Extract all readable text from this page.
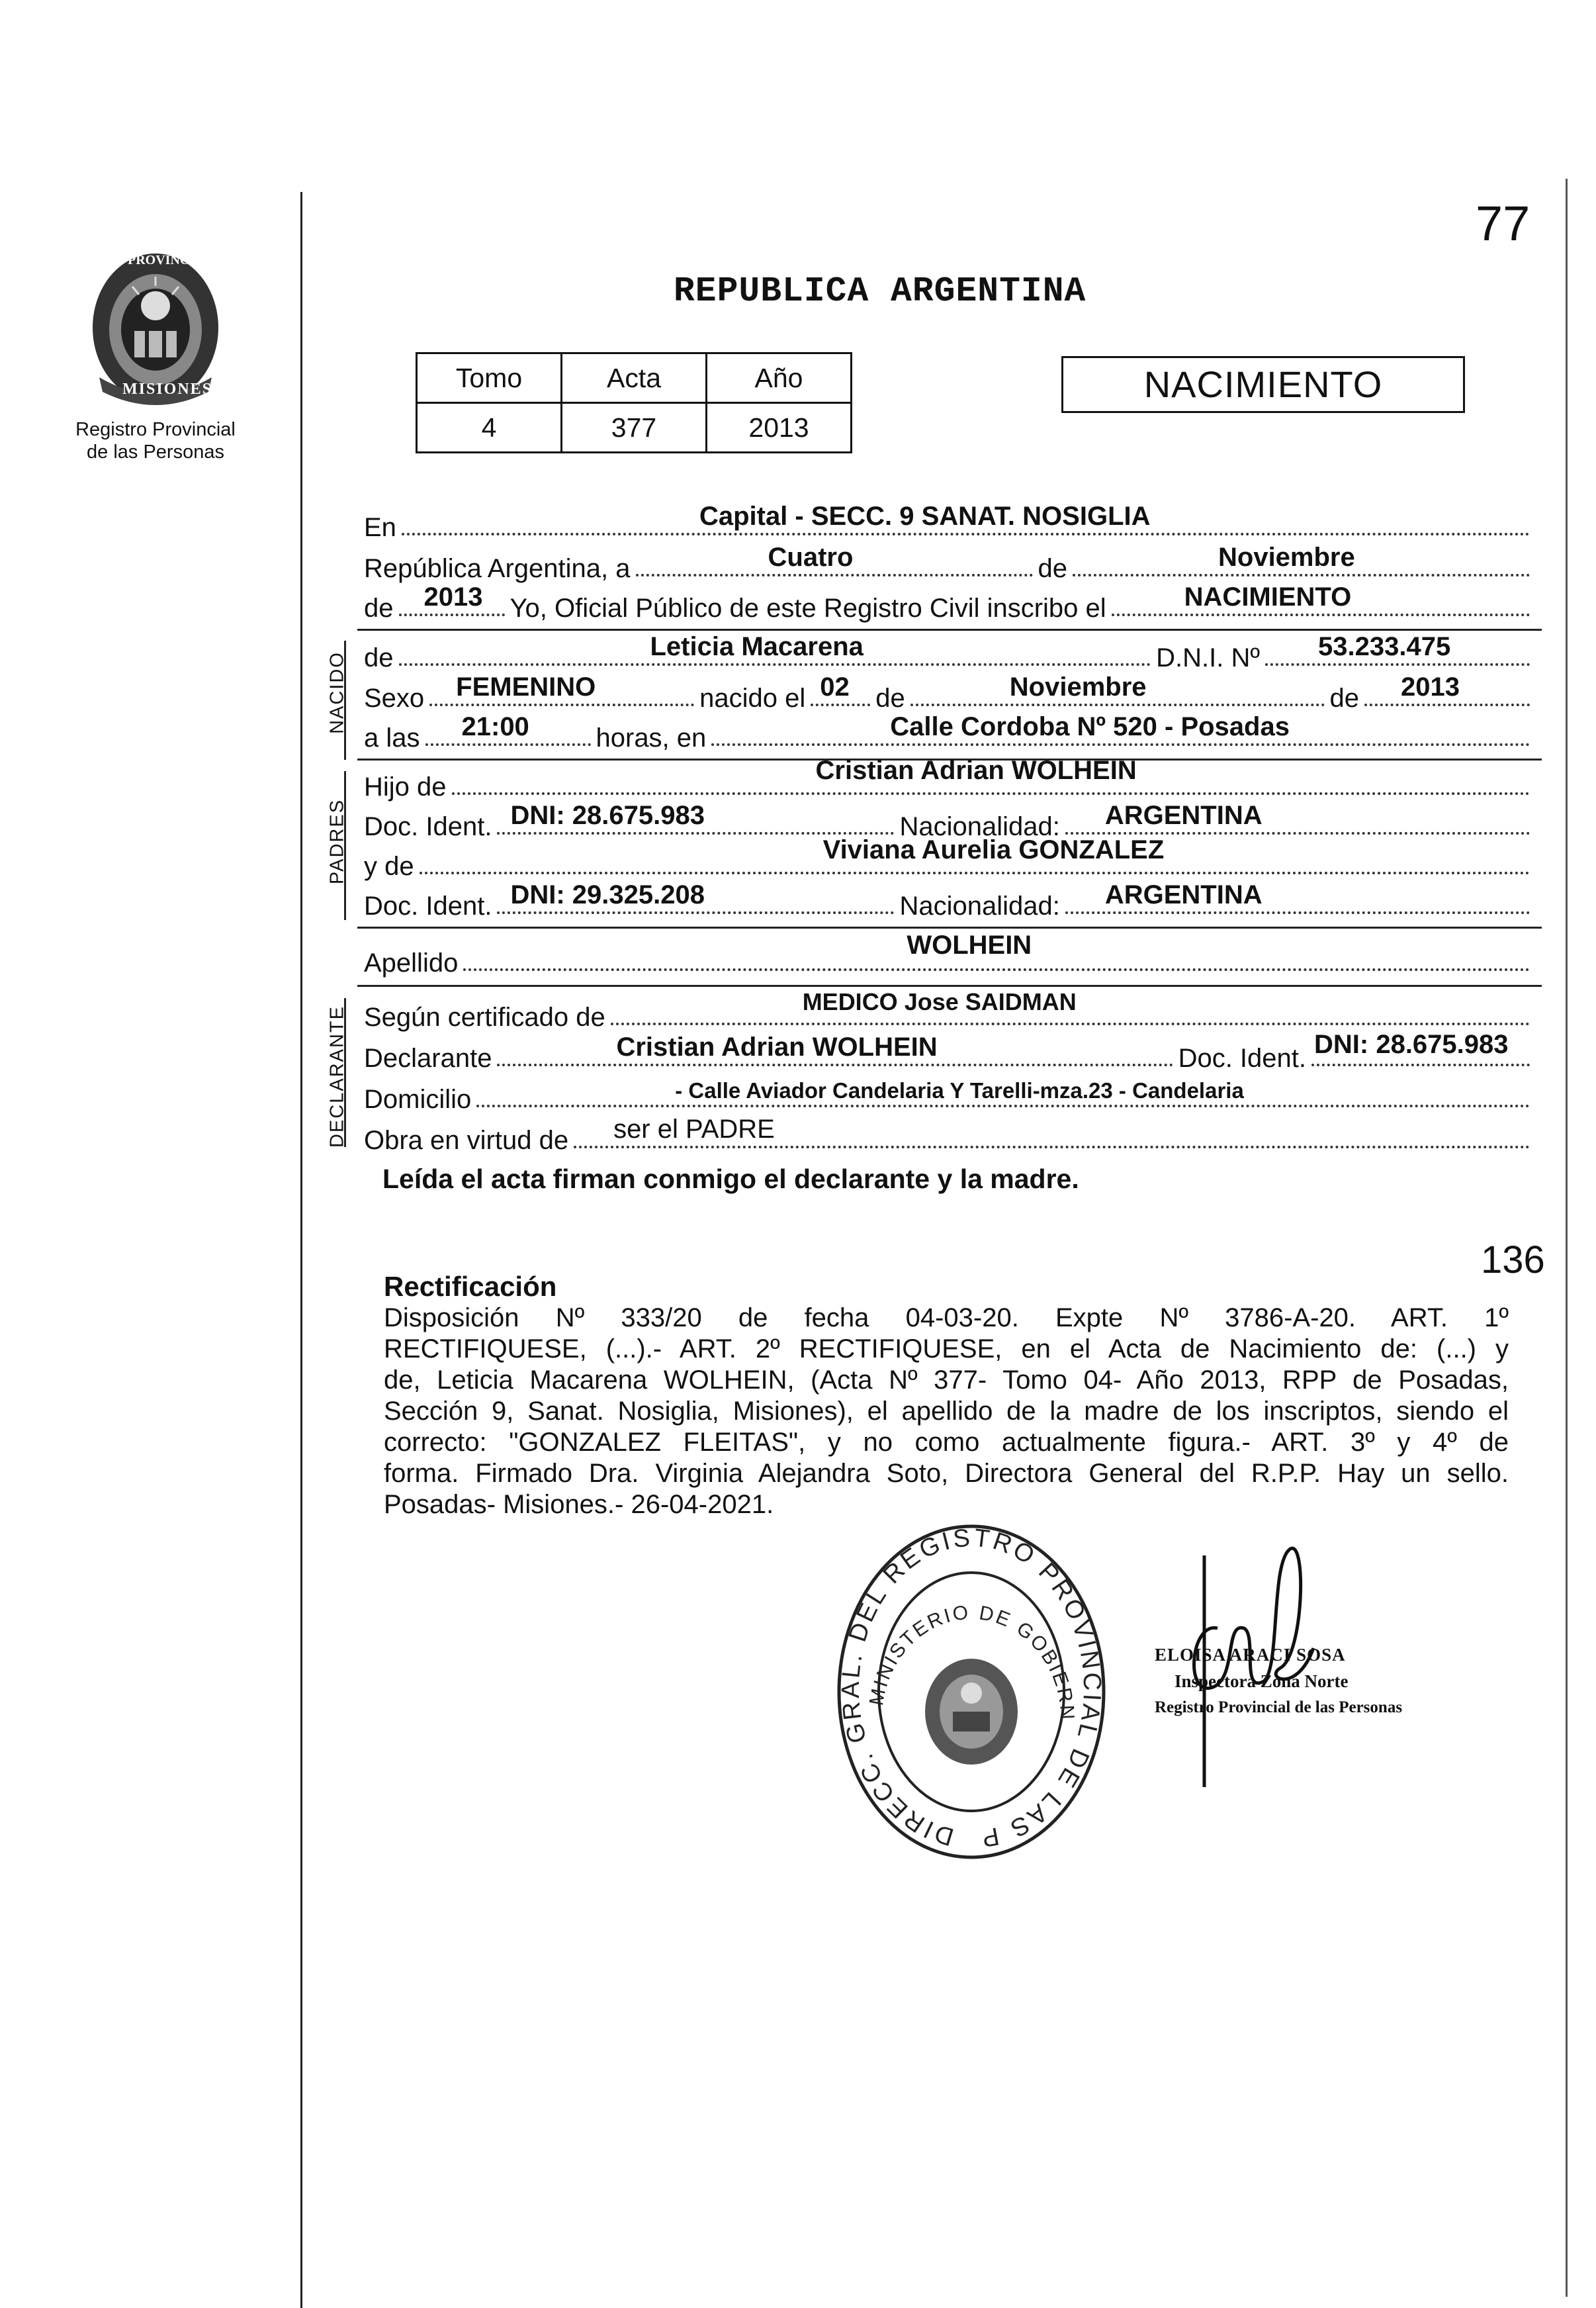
77
PROVINCIA DE
MISIONES
Registro Provincial
de las Personas
REPUBLICA ARGENTINA
Tomo	Acta	Año
4	377	2013
NACIMIENTO
En	Capital - SECC. 9 SANAT. NOSIGLIA
República Argentina, a	Cuatro	de	Noviembre
de 2013 Yo, Oficial Público de este Registro Civil inscribo el	NACIMIENTO
NACIDO de	Leticia Macarena	D.N.I. Nº 53.233.475
Sexo FEMENINO	nacido el 02 de	Noviembre	de 2013
a las 21:00	horas, en	Calle Cordoba Nº 520 - Posadas
PADRES
Hijo de
Cristian Adrian WOLHEIN
Doc. Ident. DNI: 28.675.983	Nacionalidad: ARGENTINA
y de
Viviana Aurelia GONZALEZ
Doc. Ident. DNI: 29.325.208	Nacionalidad: ARGENTINA
Apellido
WOLHEIN
DECLARANTE Según certificado de
MEDICO Jose SAIDMAN
Declarante	Cristian Adrian WOLHEIN	Doc. Ident. DNI: 28.675.983
Domicilio	- Calle Aviador Candelaria Y Tarelli-mza.23 - Candelaria
Obra en virtud de ser el PADRE
Leída el acta firman conmigo el declarante y la madre.
136
Rectificación
Disposición Nº 333/20 de fecha 04-03-20. Expte Nº 3786-A-20. ART. 1º
RECTIFIQUESE, (...).- ART. 2º RECTIFIQUESE, en el Acta de Nacimiento de: (...) y
de, Leticia Macarena WOLHEIN, (Acta Nº 377- Tomo 04- Año 2013, RPP de Posadas,
Sección 9, Sanat. Nosiglia, Misiones), el apellido de la madre de los inscriptos, siendo el
correcto: "GONZALEZ FLEITAS", y no como actualmente figura.- ART. 3º y 4º de
forma. Firmado Dra. Virginia Alejandra Soto, Directora General del R.P.P. Hay un sello.
Posadas- Misiones.- 26-04-2021.
DIRECC. GRAL. DEL REGISTRO PROVINCIAL DE LAS P
MINISTERIO DE GOBIERN
ELOISA ARACI SOSA
Inspectora Zona Norte
Registro Provincial de las Personas
